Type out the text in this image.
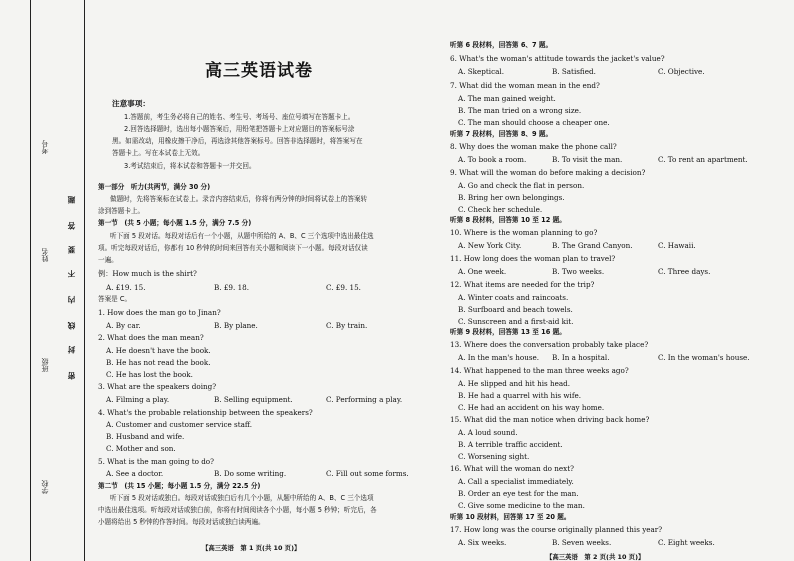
考号
姓名
班级
学校
题
答
要
不
内
线
封
密
高三英语试卷
注意事项：
1.答题前，考生务必将自己的姓名、考生号、考场号、座位号填写在答题卡上。
2.回答选择题时，选出每小题答案后，用铅笔把答题卡上对应题目的答案标号涂
黑。如需改动，用橡皮擦干净后，再选涂其他答案标号。回答非选择题时，将答案写在
答题卡上。写在本试卷上无效。
3.考试结束后，将本试卷和答题卡一并交回。
第一部分　听力(共两节，满分 30 分)
做题时，先将答案标在试卷上。录音内容结束后，你将有两分钟的时间将试卷上的答案转
涂到答题卡上。
第一节　(共 5 小题；每小题 1.5 分，满分 7.5 分)
听下面 5 段对话。每段对话后有一个小题，从题中所给的 A、B、C 三个选项中选出最佳选
项。听完每段对话后，你都有 10 秒钟的时间来回答有关小题和阅读下一小题。每段对话仅读
一遍。
例：How much is the shirt?
A. £19. 15.	B. £9. 18.	C. £9. 15.
答案是 C。
1. How does the man go to Jinan?
A. By car.	B. By plane.	C. By train.
2. What does the man mean?
A. He doesn't have the book.
B. He has not read the book.
C. He has lost the book.
3. What are the speakers doing?
A. Filming a play.	B. Selling equipment.	C. Performing a play.
4. What's the probable relationship between the speakers?
A. Customer and customer service staff.
B. Husband and wife.
C. Mother and son.
5. What is the man going to do?
A. See a doctor.	B. Do some writing.	C. Fill out some forms.
第二节　(共 15 小题；每小题 1.5 分，满分 22.5 分)
听下面 5 段对话或独白。每段对话或独白后有几个小题，从题中所给的 A、B、C 三个选项
中选出最佳选项。听每段对话或独白前，你将有时间阅读各个小题，每小题 5 秒钟；听完后，各
小题将给出 5 秒钟的作答时间。每段对话或独白读两遍。
【高三英语　第 1 页(共 10 页)】
听第 6 段材料，回答第 6、7 题。
6. What's the woman's attitude towards the jacket's value?
A. Skeptical.	B. Satisfied.	C. Objective.
7. What did the woman mean in the end?
A. The man gained weight.
B. The man tried on a wrong size.
C. The man should choose a cheaper one.
听第 7 段材料，回答第 8、9 题。
8. Why does the woman make the phone call?
A. To book a room.	B. To visit the man.	C. To rent an apartment.
9. What will the woman do before making a decision?
A. Go and check the flat in person.
B. Bring her own belongings.
C. Check her schedule.
听第 8 段材料，回答第 10 至 12 题。
10. Where is the woman planning to go?
A. New York City.	B. The Grand Canyon.	C. Hawaii.
11. How long does the woman plan to travel?
A. One week.	B. Two weeks.	C. Three days.
12. What items are needed for the trip?
A. Winter coats and raincoats.
B. Surfboard and beach towels.
C. Sunscreen and a first-aid kit.
听第 9 段材料，回答第 13 至 16 题。
13. Where does the conversation probably take place?
A. In the man's house. B. In a hospital.	C. In the woman's house.
14. What happened to the man three weeks ago?
A. He slipped and hit his head.
B. He had a quarrel with his wife.
C. He had an accident on his way home.
15. What did the man notice when driving back home?
A. A loud sound.
B. A terrible traffic accident.
C. Worsening sight.
16. What will the woman do next?
A. Call a specialist immediately.
B. Order an eye test for the man.
C. Give some medicine to the man.
听第 10 段材料，回答第 17 至 20 题。
17. How long was the course originally planned this year?
A. Six weeks.	B. Seven weeks.	C. Eight weeks.
【高三英语　第 2 页(共 10 页)】
